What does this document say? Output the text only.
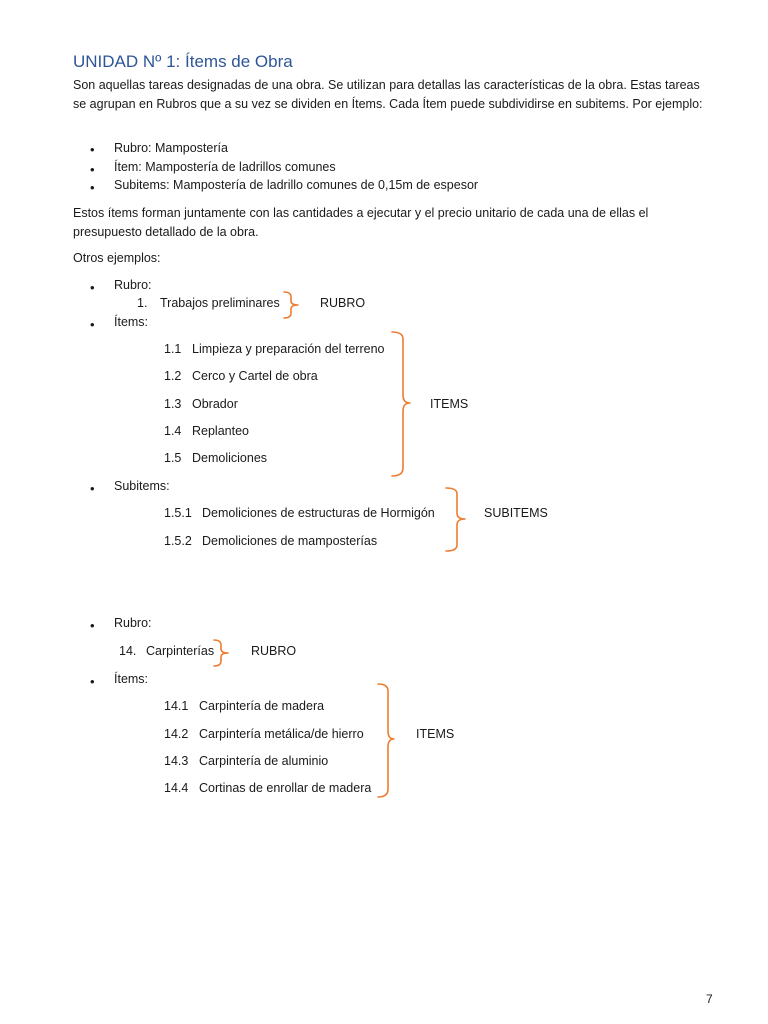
UNIDAD Nº 1: Ítems de Obra
Son aquellas tareas designadas de una obra. Se utilizan para detallas las características de la obra. Estas tareas se agrupan en Rubros que a su vez se dividen en Ítems. Cada Ítem puede subdividirse en subitems. Por ejemplo:
• Rubro: Mampostería
• Ítem: Mampostería de ladrillos comunes
• Subitems: Mampostería de ladrillo comunes de 0,15m de espesor
Estos ítems forman juntamente con las cantidades a ejecutar y el precio unitario de cada una de ellas el presupuesto detallado de la obra.
Otros ejemplos:
• Rubro:
1. Trabajos preliminares	RUBRO
• Ítems:
1.1 Limpieza y preparación del terreno
1.2 Cerco y Cartel de obra
1.3 Obrador
1.4 Replanteo
1.5 Demoliciones
ITEMS
• Subitems:
1.5.1 Demoliciones de estructuras de Hormigón
1.5.2 Demoliciones de mamposterías
SUBITEMS
• Rubro:
14. Carpinterías	RUBRO
• Ítems:
14.1 Carpintería de madera
14.2 Carpintería metálica/de hierro
14.3 Carpintería de aluminio
14.4 Cortinas de enrollar de madera
ITEMS
7
